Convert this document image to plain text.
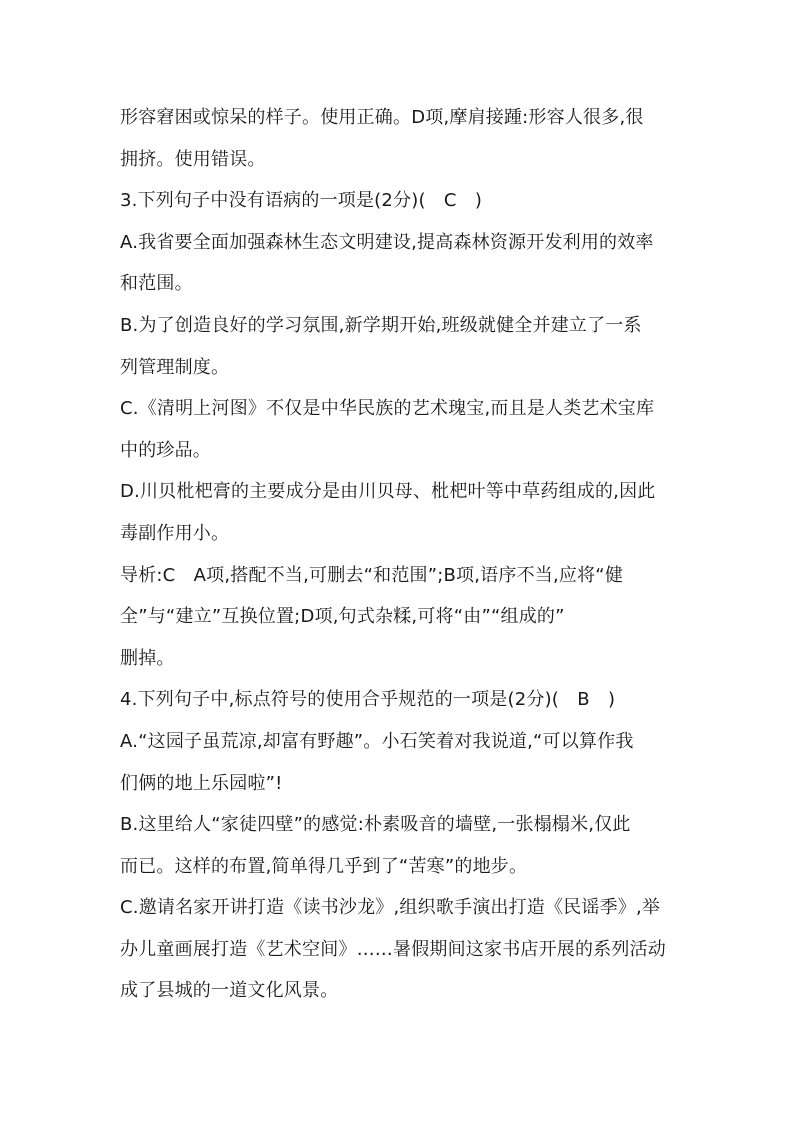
形容窘困或惊呆的样子。使用正确。D项,摩肩接踵:形容人很多,很
拥挤。使用错误。
3.下列句子中没有语病的一项是(2分)(　C　)
A.我省要全面加强森林生态文明建设,提高森林资源开发利用的效率
和范围。
B.为了创造良好的学习氛围,新学期开始,班级就健全并建立了一系
列管理制度。
C.《清明上河图》不仅是中华民族的艺术瑰宝,而且是人类艺术宝库
中的珍品。
D.川贝枇杷膏的主要成分是由川贝母、枇杷叶等中草药组成的,因此
毒副作用小。
导析:C　A项,搭配不当,可删去“和范围”;B项,语序不当,应将“健
全”与“建立”互换位置;D项,句式杂糅,可将“由”“组成的”
删掉。
4.下列句子中,标点符号的使用合乎规范的一项是(2分)(　B　)
A.“这园子虽荒凉,却富有野趣”。小石笑着对我说道,“可以算作我
们俩的地上乐园啦”!
B.这里给人“家徒四壁”的感觉:朴素吸音的墙壁,一张榻榻米,仅此
而已。这样的布置,简单得几乎到了“苦寒”的地步。
C.邀请名家开讲打造《读书沙龙》,组织歌手演出打造《民谣季》,举
办儿童画展打造《艺术空间》……暑假期间这家书店开展的系列活动
成了县城的一道文化风景。
